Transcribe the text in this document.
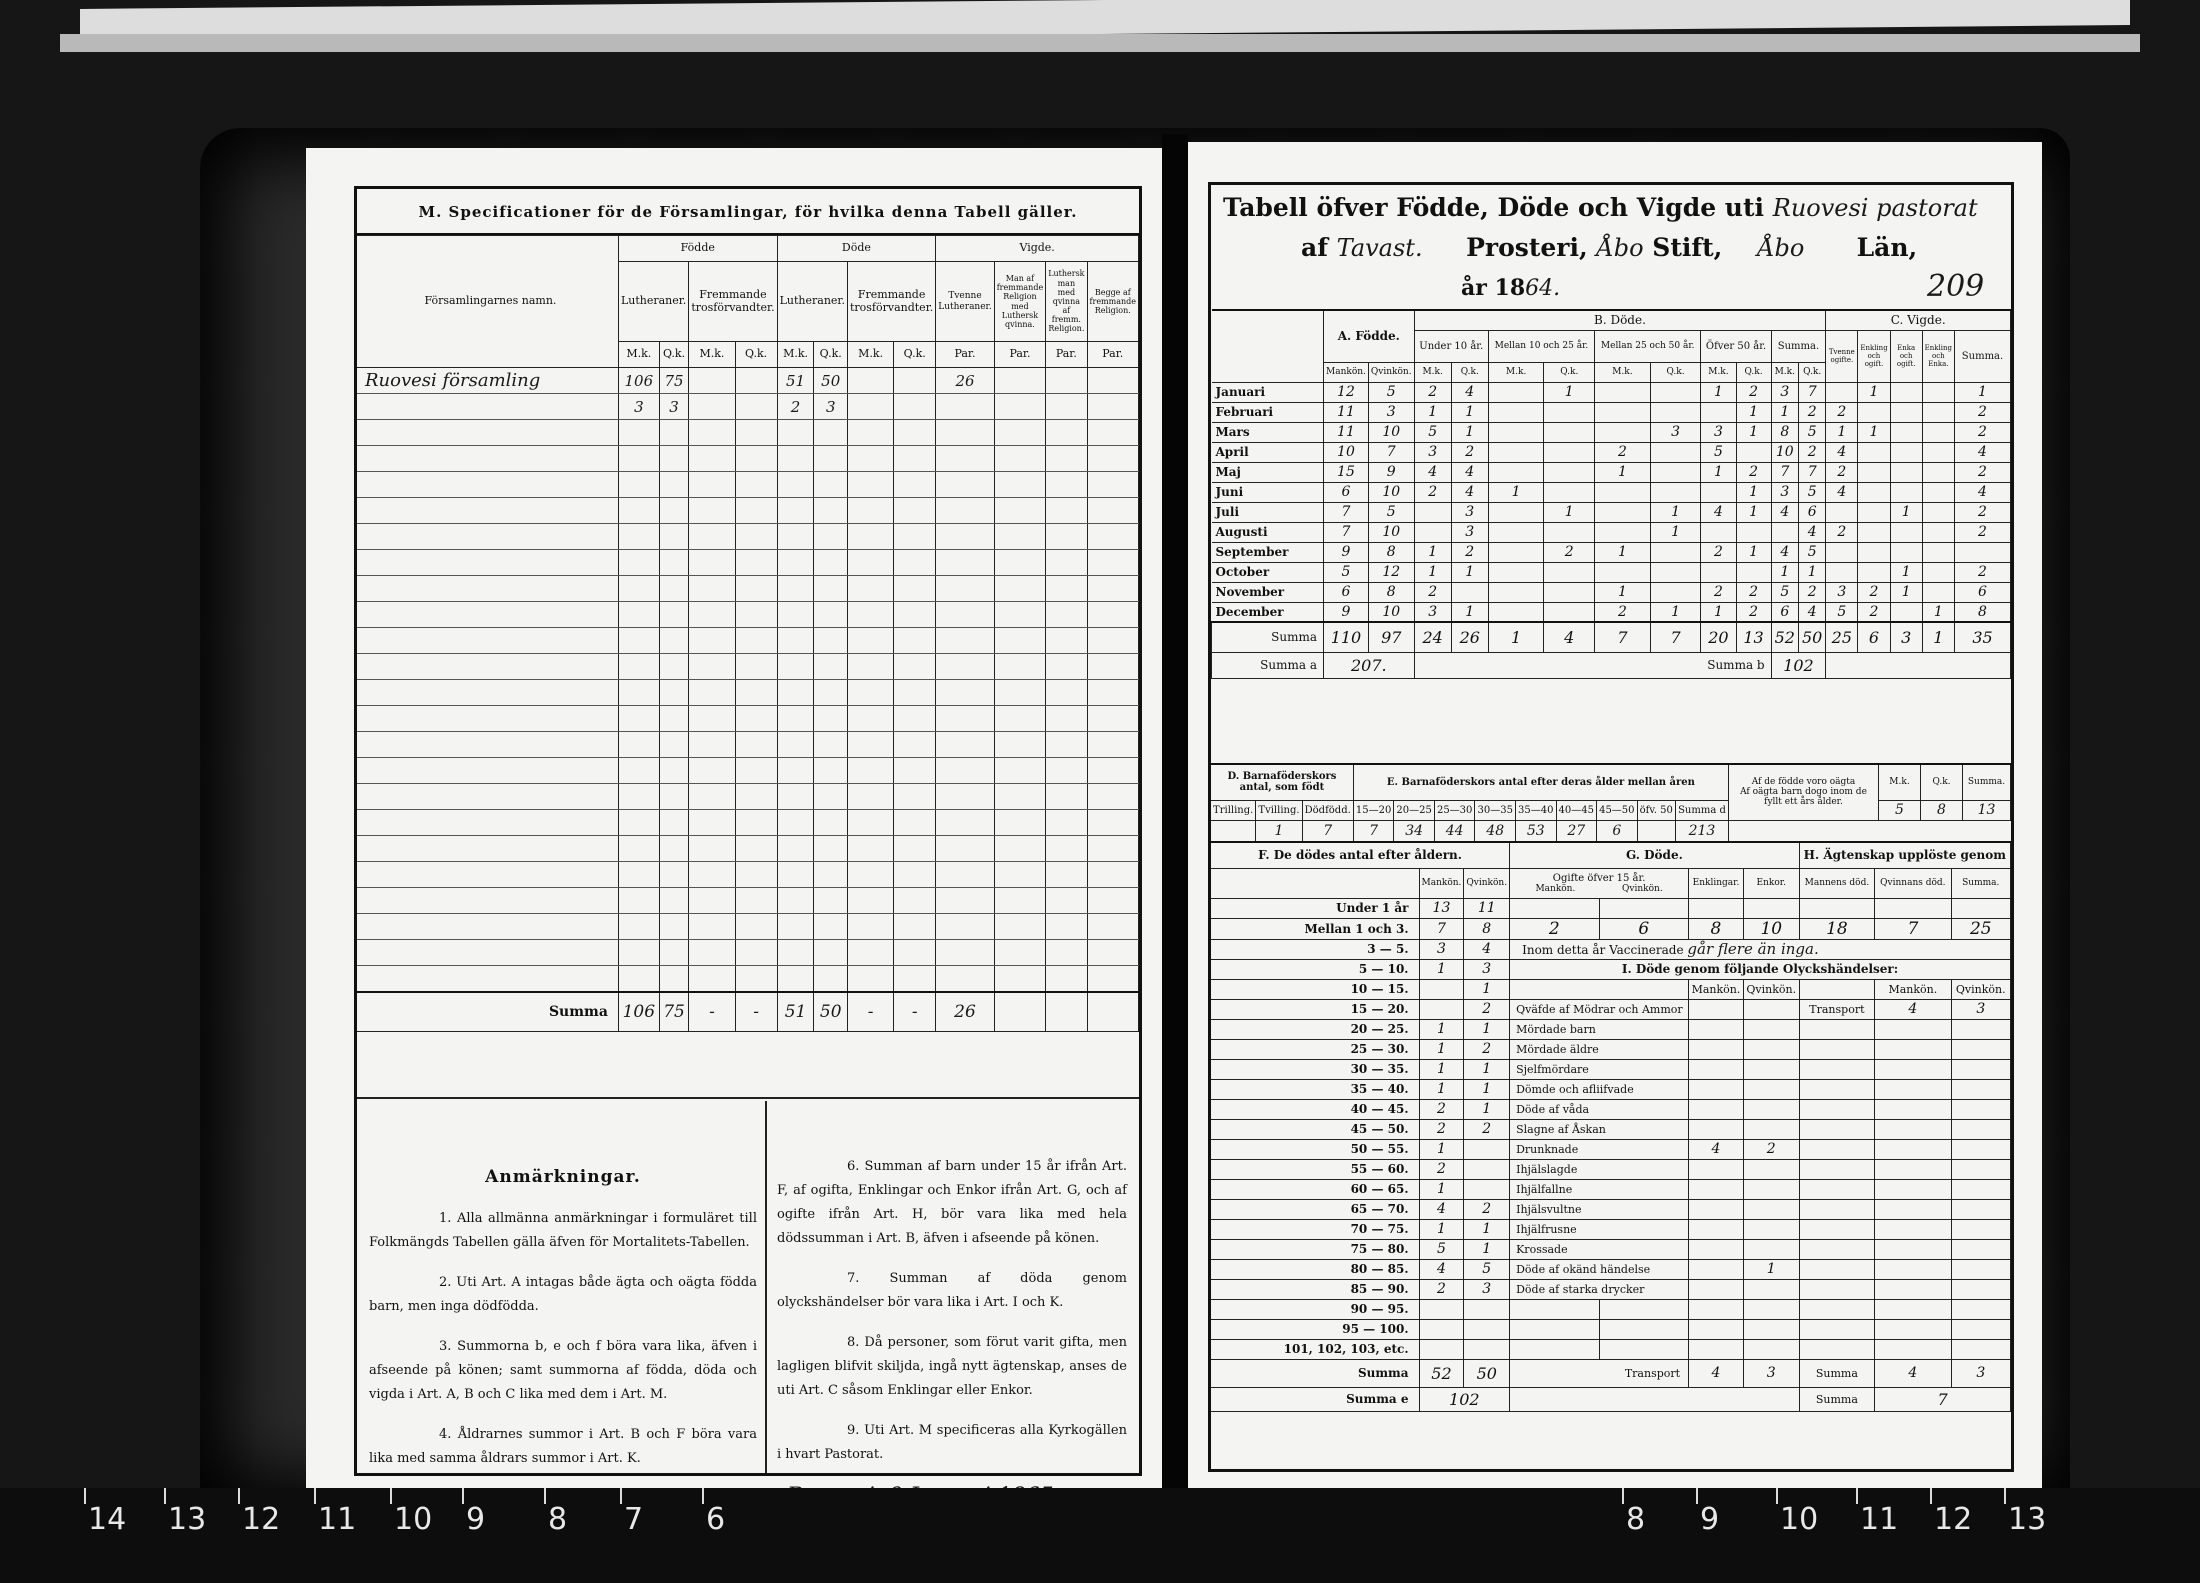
M. Specificationer för de Församlingar, för hvilka denna Tabell gäller.
Församlingarnes namn.	Födde				Döde				Vigde.			
	Lutheraner.		Fremmande trosförvandter.		Lutheraner.		Fremmande trosförvandter.		Tvenne Lutheraner.	Man af fremmande Religion med Luthersk qvinna.	Luthersk man med qvinna af fremm. Religion.	Begge af fremmande Religion.
	M.k.	Q.k.	M.k.	Q.k.	M.k.	Q.k.	M.k.	Q.k.	Par.	Par.	Par.	Par.
Ruovesi församling	106	75			51	50			26			
	3	3			2	3						

Summa	106	75	-	-	51	50	-	-	26			
Anmärkningar.
1. Alla allmänna anmärkningar i formuläret till Folkmängds Tabellen gälla äfven för Mortalitets-Tabellen.
2. Uti Art. A intagas både ägta och oägta födda barn, men inga dödfödda.
3. Summorna b, e och f böra vara lika, äfven i afseende på könen; samt summorna af födda, döda och vigda i Art. A, B och C lika med dem i Art. M.
4. Åldrarnes summor i Art. B och F böra vara lika med samma åldrars summor i Art. K.
6. Summan af barn under 15 år ifrån Art. F, af ogifta, Enklingar och Enkor ifrån Art. G, och af ogifte ifrån Art. H, bör vara lika med hela dödssumman i Art. B, äfven i afseende på könen.
7. Summan af döda genom olyckshändelser bör vara lika i Art. I och K.
8. Då personer, som förut varit gifta, men lagligen blifvit skiljda, ingå nytt ägtenskap, anses de uti Art. C såsom Enklingar eller Enkor.
9. Uti Art. M specificeras alla Kyrkogällen i hvart Pastorat.
Tabell öfver Födde, Döde och Vigde uti Ruovesi pastorat
af Tavast. Prosteri, Åbo Stift, Åbo Län,
år 1864.	209
	A. Födde.		B. Döde.										C. Vigde.				
			Under 10 år.		Mellan 10 och 25 år.		Mellan 25 och 50 år.		Öfver 50 år.		Summa.		Tvenne ogifte.	Enkling och ogift.	Enka och ogift.	Enkling och Enka.	Summa.
	Mankön.	Qvinkön.	M.k.	Q.k.	M.k.	Q.k.	M.k.	Q.k.	M.k.	Q.k.	M.k.	Q.k.					
Januari	12	5	2	4		1			1	2	3	7		1			1
Februari	11	3	1	1						1	1	2	2				2
Mars	11	10	5	1				3	3	1	8	5	1	1			2
April	10	7	3	2			2		5		10	2	4				4
Maj	15	9	4	4			1		1	2	7	7	2				2
Juni	6	10	2	4	1					1	3	5	4				4
Juli	7	5		3		1		1	4	1	4	6			1		2
Augusti	7	10		3				1				4	2				2
September	9	8	1	2		2	1		2	1	4	5					
October	5	12	1	1							1	1			1		2
November	6	8	2				1		2	2	5	2	3	2	1		6
December	9	10	3	1			2	1	1	2	6	4	5	2		1	8
Summa	110	97	24	26	1	4	7	7	20	13	52	50	25	6	3	1	35
Summa a	207.		Summa b								102						
D. Barnaföderskors antal, som födt			E. Barnaföderskors antal efter deras ålder mellan åren									Af de födde voro oägta
Af oägta barn dogo inom de fyllt ett års ålder.	M.k.	Q.k.	Summa.
Trilling.	Tvilling.	Dödfödd.	15—20	20—25	25—30	30—35	35—40	40—45	45—50	öfv. 50	Summa d		5	8	13
	1	7	7	34	44	48	53	27	6		213				
F. De dödes antal efter åldern.			G. Döde.				H. Ägtenskap upplöste genom		
	Mankön.	Qvinkön.	Ogifte öfver 15 år.
Mankön. Qvinkön.		Enklingar.	Enkor.	Mannens död.	Qvinnans död.	Summa.
Under 1 år	13	11							
Mellan 1 och 3.	7	8	2	6	8	10	18	7	25
3 — 5.	3	4	Inom detta år Vaccinerade går flere än inga.						
5 — 10.	1	3	I. Döde genom följande Olyckshändelser:						
10 — 15.		1			Mankön.	Qvinkön.		Mankön.	Qvinkön.
15 — 20.		2	Qväfde af Mödrar och Ammor				Transport	4	3
20 — 25.	1	1	Mördade barn						
25 — 30.	1	2	Mördade äldre						
30 — 35.	1	1	Sjelfmördare						
35 — 40.	1	1	Dömde och afliifvade						
40 — 45.	2	1	Döde af våda						
45 — 50.	2	2	Slagne af Åskan						
50 — 55.	1		Drunknade		4	2			
55 — 60.	2		Ihjälslagde						
60 — 65.	1		Ihjälfallne						
65 — 70.	4	2	Ihjälsvultne						
70 — 75.	1	1	Ihjälfrusne						
75 — 80.	5	1	Krossade						
80 — 85.	4	5	Döde af okänd händelse			1			
85 — 90.	2	3	Döde af starka drycker						
90 — 95.									
95 — 100.									
101, 102, 103, etc.									
Summa	52	50	Transport		4	3	Summa	4	3
Summa e	102						Summa	7	
14 13 12 11 10 9 8 7 6	8 9 10 11 12 13
